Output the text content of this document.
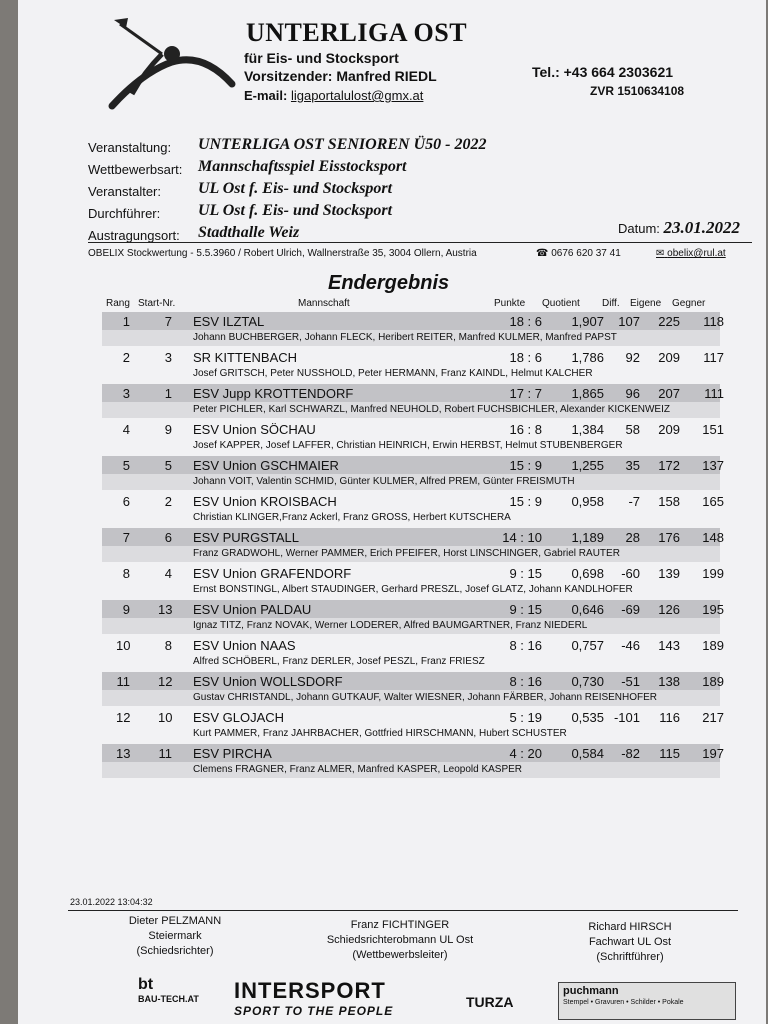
UNTERLIGA OST
für Eis- und Stocksport
Vorsitzender: Manfred RIEDL
E-mail: ligaportalulost@gmx.at
Tel.: +43 664 2303621
ZVR 1510634108
Veranstaltung: UNTERLIGA OST SENIOREN Ü50 - 2022
Wettbewerbsart: Mannschaftsspiel Eisstocksport
Veranstalter: UL Ost f. Eis- und Stocksport
Durchführer: UL Ost f. Eis- und Stocksport
Austragungsort: Stadthalle Weiz	Datum: 23.01.2022
OBELIX Stockwertung - 5.5.3960 / Robert Ulrich, Wallnerstraße 35, 3004 Ollern, Austria	☎ 0676 620 37 41	✉ obelix@rul.at
Endergebnis
Rang Start-Nr.	Mannschaft	Punkte Quotient Diff. Eigene Gegner
1	7 ESV ILZTAL	18 : 6	1,907	107	225	118
Johann BUCHBERGER, Johann FLECK, Heribert REITER, Manfred KULMER, Manfred PAPST
2	3 SR KITTENBACH	18 : 6	1,786	92	209	117
Josef GRITSCH, Peter NUSSHOLD, Peter HERMANN, Franz KAINDL, Helmut KALCHER
3	1 ESV Jupp KROTTENDORF	17 : 7	1,865	96	207	111
Peter PICHLER, Karl SCHWARZL, Manfred NEUHOLD, Robert FUCHSBICHLER, Alexander KICKENWEIZ
4	9 ESV Union SÖCHAU	16 : 8	1,384	58	209	151
Josef KAPPER, Josef LAFFER, Christian HEINRICH, Erwin HERBST, Helmut STUBENBERGER
5	5 ESV Union GSCHMAIER	15 : 9	1,255	35	172	137
Johann VOIT, Valentin SCHMID, Günter KULMER, Alfred PREM, Günter FREISMUTH
6	2 ESV Union KROISBACH	15 : 9	0,958	-7	158	165
Christian KLINGER,Franz Ackerl, Franz GROSS, Herbert KUTSCHERA
7	6 ESV PURGSTALL	14 : 10	1,189	28	176	148
Franz GRADWOHL, Werner PAMMER, Erich PFEIFER, Horst LINSCHINGER, Gabriel RAUTER
8	4 ESV Union GRAFENDORF	9 : 15	0,698	-60	139	199
Ernst BONSTINGL, Albert STAUDINGER, Gerhard PRESZL, Josef GLATZ, Johann KANDLHOFER
9 13 ESV Union PALDAU	9 : 15	0,646	-69	126	195
Ignaz TITZ, Franz NOVAK, Werner LODERER, Alfred BAUMGARTNER, Franz NIEDERL
10	8 ESV Union NAAS	8 : 16	0,757	-46	143	189
Alfred SCHÖBERL, Franz DERLER, Josef PESZL, Franz FRIESZ
11 12 ESV Union WOLLSDORF	8 : 16	0,730	-51	138	189
Gustav CHRISTANDL, Johann GUTKAUF, Walter WIESNER, Johann FÄRBER, Johann REISENHOFER
12 10 ESV GLOJACH	5 : 19	0,535 -101	116	217
Kurt PAMMER, Franz JAHRBACHER, Gottfried HIRSCHMANN, Hubert SCHUSTER
13 11 ESV PIRCHA	4 : 20	0,584	-82	115	197
Clemens FRAGNER, Franz ALMER, Manfred KASPER, Leopold KASPER
23.01.2022 13:04:32
Dieter PELZMANN
Steiermark
(Schiedsrichter)
Franz FICHTINGER
Schiedsrichterobmann UL Ost
(Wettbewerbsleiter)
Richard HIRSCH
Fachwart UL Ost
(Schriftführer)
bt
BAU-TECH.AT INTERSPORT
SPORT TO THE PEOPLE
TURZA
puchmann
Stempel • Gravuren • Schilder • Pokale
